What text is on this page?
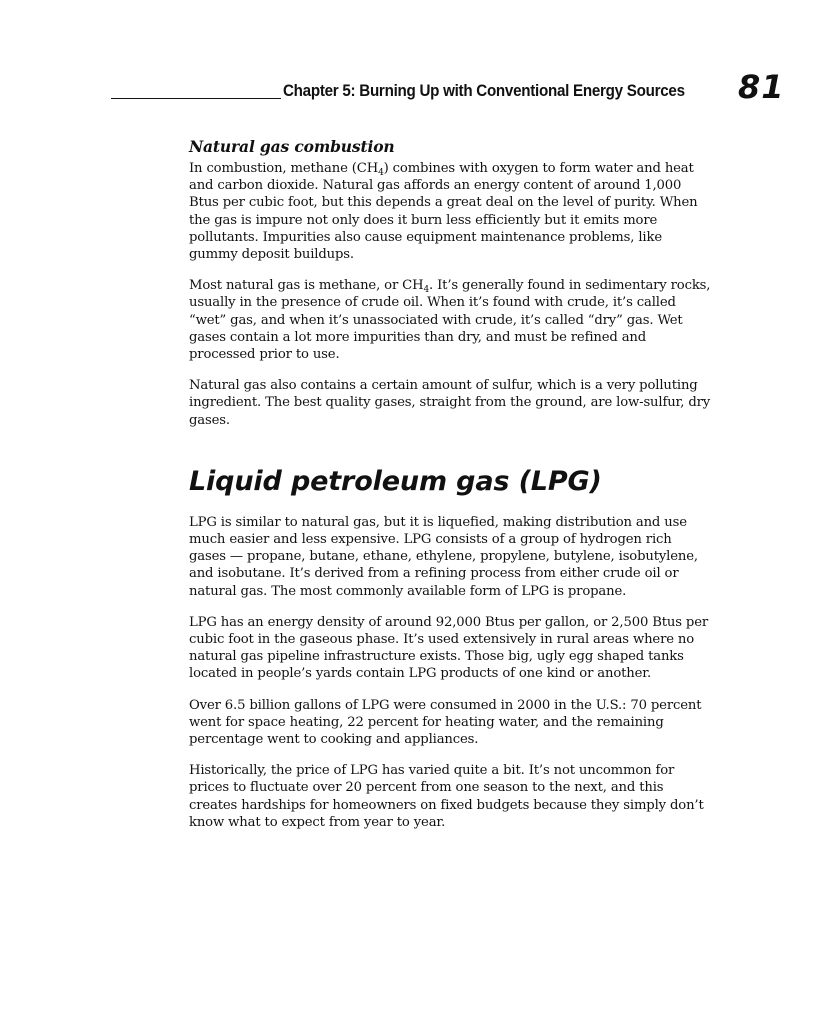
Chapter 5: Burning Up with Conventional Energy Sources 81
Natural gas combustion

In combustion, methane $(CH_4)$ combines with oxygen to form water and heat and carbon dioxide. Natural gas affords an energy content of around 1,000 Btus per cubic foot, but this depends a great deal on the level of purity. When the gas is impure not only does it burn less efficiently but it emits more pollutants. Impurities also cause equipment maintenance problems, like gummy deposit buildups.

Most natural gas is methane, or $CH_4$. It’s generally found in sedimentary rocks, usually in the presence of crude oil. When it’s found with crude, it’s called “wet” gas, and when it’s unassociated with crude, it’s called “dry” gas. Wet gases contain a lot more impurities than dry, and must be refined and processed prior to use.

Natural gas also contains a certain amount of sulfur, which is a very polluting ingredient. The best quality gases, straight from the ground, are low-sulfur, dry gases.

Liquid petroleum gas (LPG)

LPG is similar to natural gas, but it is liquefied, making distribution and use much easier and less expensive. LPG consists of a group of hydrogen rich gases — propane, butane, ethane, ethylene, propylene, butylene, isobutylene, and isobutane. It’s derived from a refining process from either crude oil or natural gas. The most commonly available form of LPG is propane.

LPG has an energy density of around 92,000 Btus per gallon, or 2,500 Btus per cubic foot in the gaseous phase. It’s used extensively in rural areas where no natural gas pipeline infrastructure exists. Those big, ugly egg shaped tanks located in people’s yards contain LPG products of one kind or another.

Over 6.5 billion gallons of LPG were consumed in 2000 in the U.S.: 70 percent went for space heating, 22 percent for heating water, and the remaining percentage went to cooking and appliances.

Historically, the price of LPG has varied quite a bit. It’s not uncommon for prices to fluctuate over 20 percent from one season to the next, and this creates hardships for homeowners on fixed budgets because they simply don’t know what to expect from year to year.
